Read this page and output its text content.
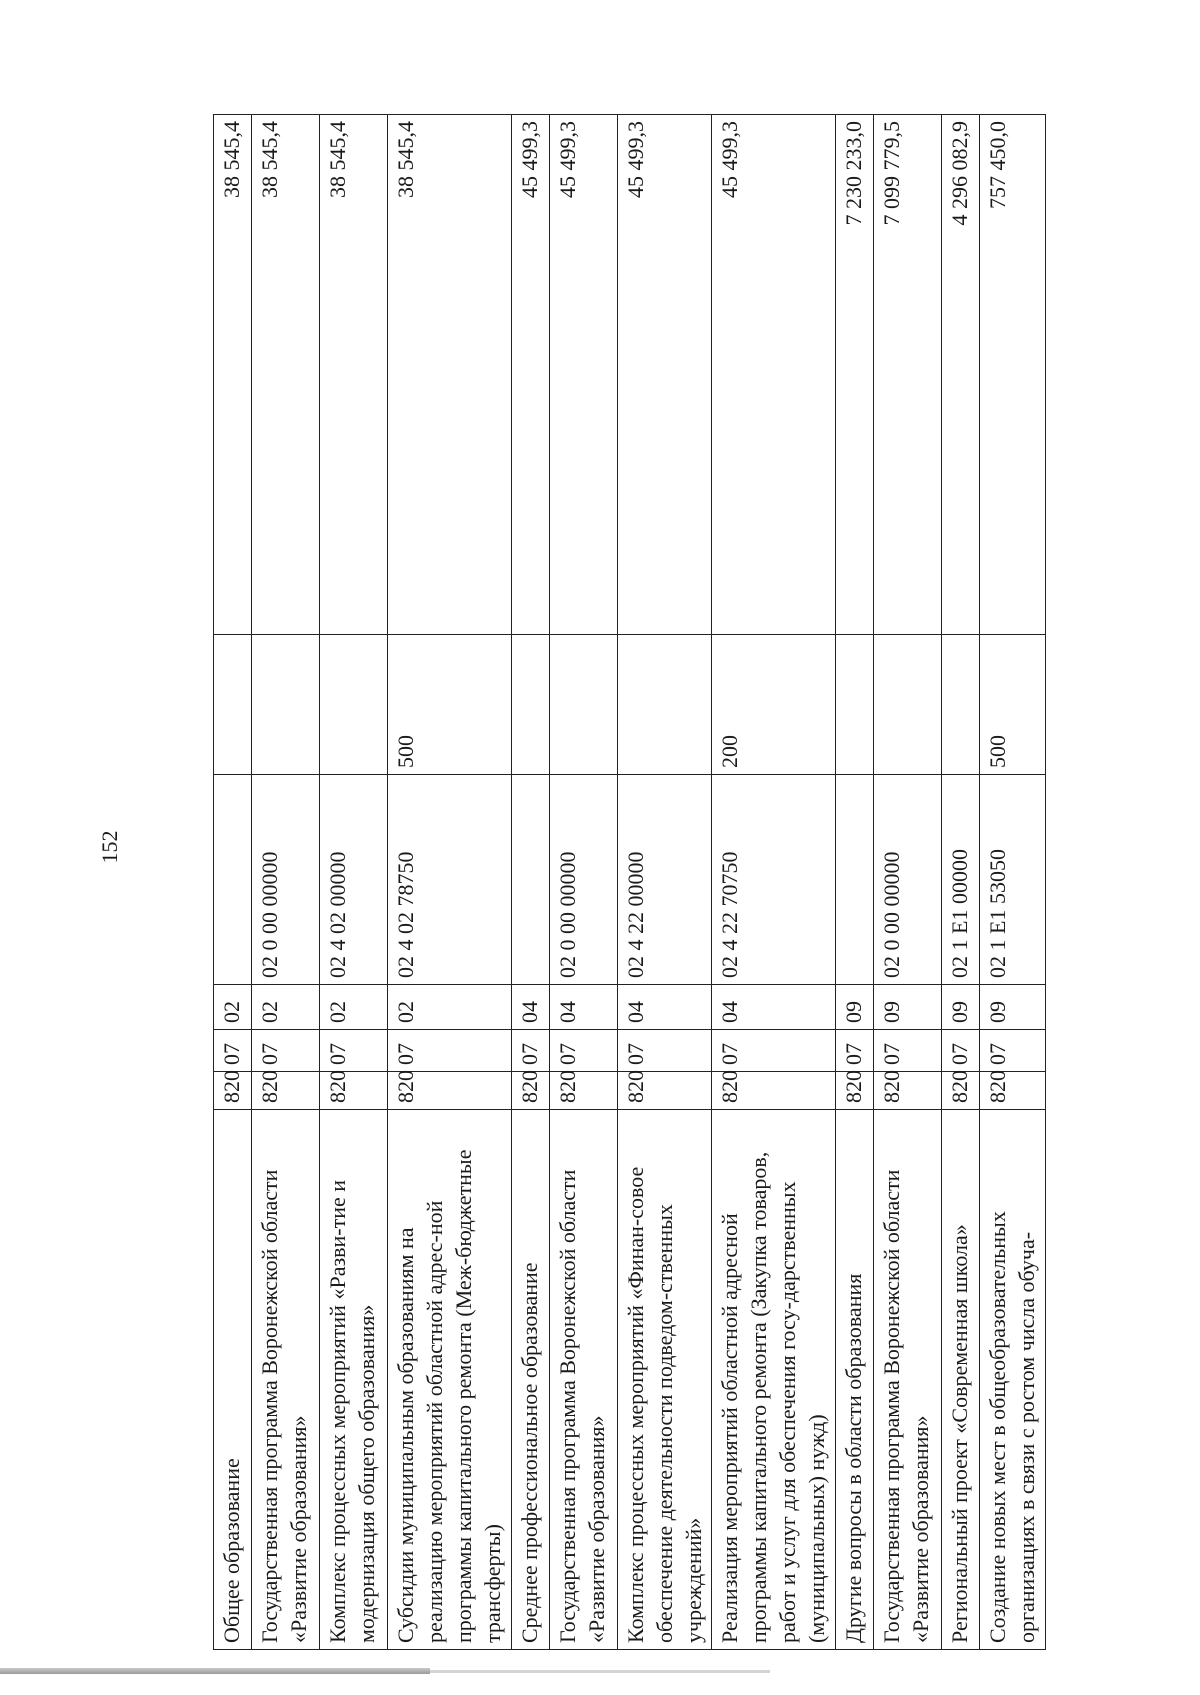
152
Общее образование	820	07	02			38 545,4
Государственная программа Воронежской области «Развитие образования»	820	07	02	02 0 00 00000		38 545,4
Комплекс процессных мероприятий «Разви-тие и модернизация общего образования»	820	07	02	02 4 02 00000		38 545,4
Субсидии муниципальным образованиям на реализацию мероприятий областной адрес-ной программы капитального ремонта (Меж-бюджетные трансферты)	820	07	02	02 4 02 78750	500	38 545,4
Среднее профессиональное образование	820	07	04			45 499,3
Государственная программа Воронежской области «Развитие образования»	820	07	04	02 0 00 00000		45 499,3
Комплекс процессных мероприятий «Финан-совое обеспечение деятельности подведом-ственных учреждений»	820	07	04	02 4 22 00000		45 499,3
Реализация мероприятий областной адресной программы капитального ремонта (Закупка товаров, работ и услуг для обеспечения госу-дарственных (муниципальных) нужд)	820	07	04	02 4 22 70750	200	45 499,3
Другие вопросы в области образования	820	07	09			7 230 233,0
Государственная программа Воронежской области «Развитие образования»	820	07	09	02 0 00 00000		7 099 779,5
Региональный проект «Современная школа»	820	07	09	02 1 E1 00000		4 296 082,9
Создание новых мест в общеобразовательных организациях в связи с ростом числа обуча-	820	07	09	02 1 E1 53050	500	757 450,0
